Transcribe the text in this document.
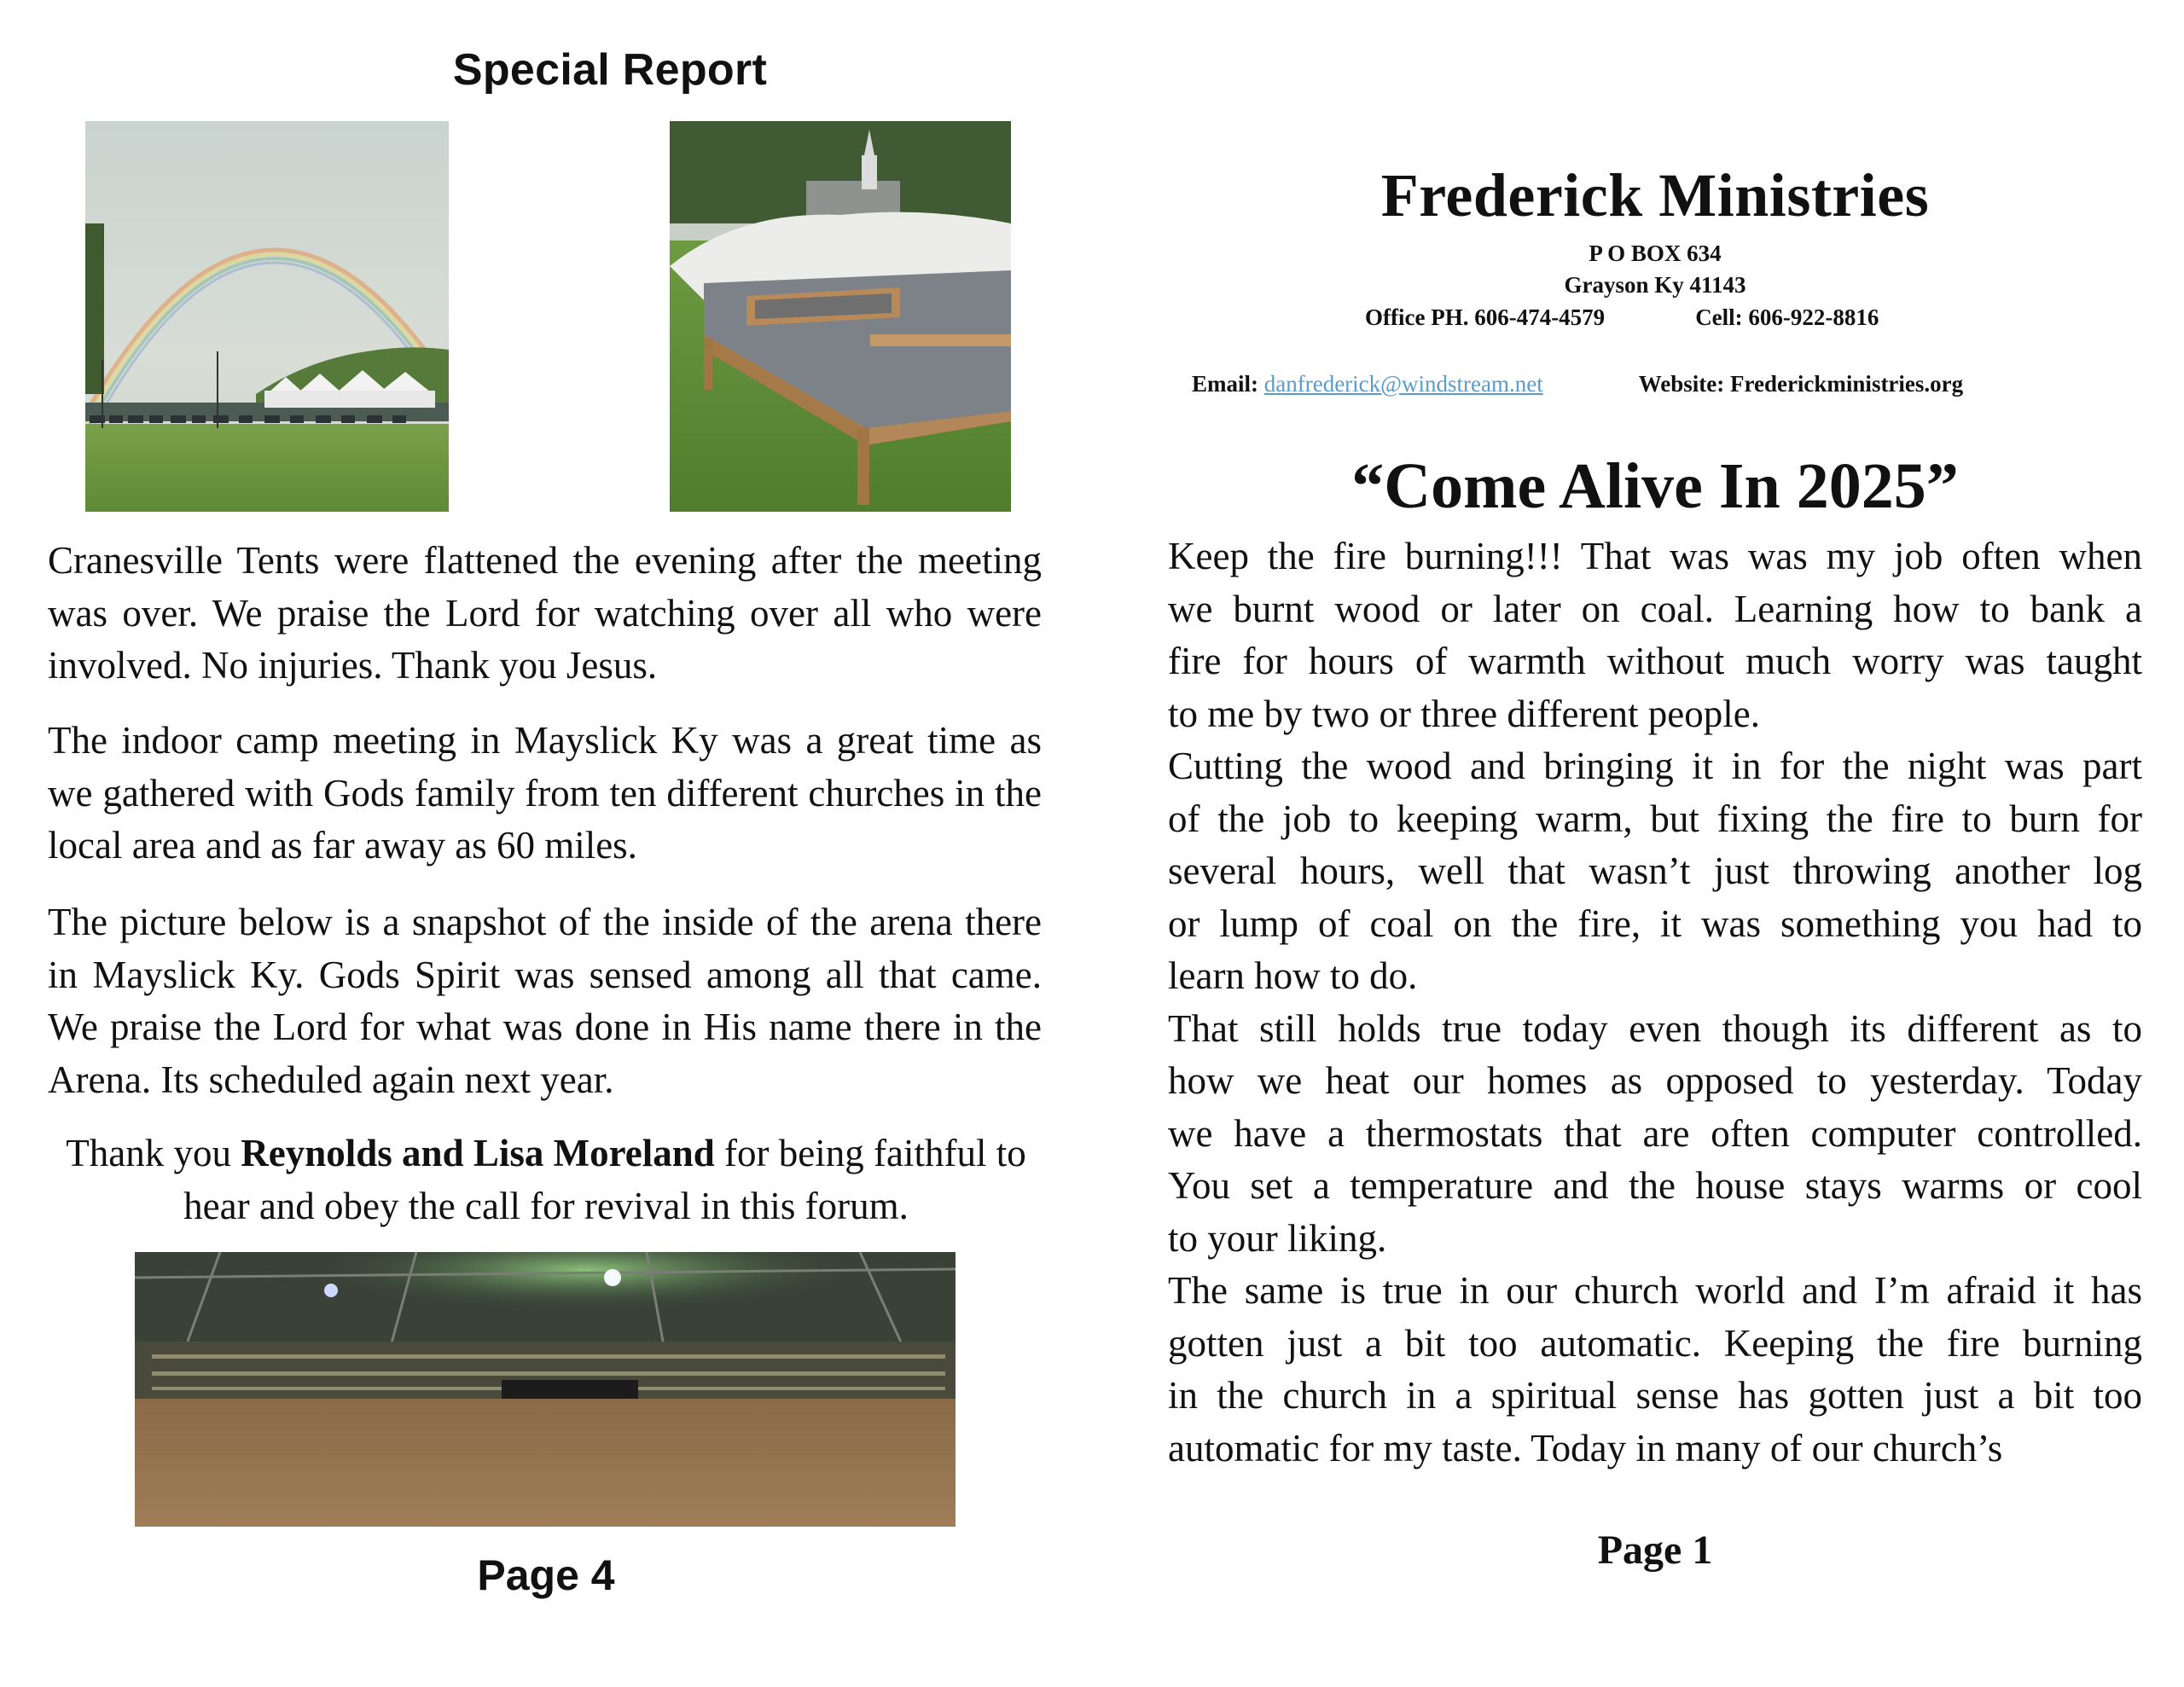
Special Report

Cranesville Tents were flattened the evening after the meeting was over. We praise the Lord for watching over all who were involved. No injuries. Thank you Jesus.

The indoor camp meeting in Mayslick Ky was a great time as we gathered with Gods family from ten different churches in the local area and as far away as 60 miles.

The picture below is a snapshot of the inside of the arena there in Mayslick Ky. Gods Spirit was sensed among all that came. We praise the Lord for what was done in His name there in the Arena. Its scheduled again next year.

Thank you Reynolds and Lisa Moreland for being faithful to hear and obey the call for revival in this forum.

Page 4
Frederick Ministries
P O BOX 634
Grayson Ky 41143
Office PH. 606-474-4579	Cell: 606-922-8816
Email: danfrederick@windstream.net	Website: Frederickministries.org
“Come Alive In 2025”

Keep the fire burning!!! That was was my job often when
we burnt wood or later on coal. Learning how to bank a
fire for hours of warmth without much worry was taught
to me by two or three different people.
Cutting the wood and bringing it in for the night was part
of the job to keeping warm, but fixing the fire to burn for
several hours, well that wasn’t just throwing another log
or lump of coal on the fire, it was something you had to
learn how to do.
That still holds true today even though its different as to
how we heat our homes as opposed to yesterday. Today
we have a thermostats that are often computer controlled.
You set a temperature and the house stays warms or cool
to your liking.
The same is true in our church world and I’m afraid it has
gotten just a bit too automatic. Keeping the fire burning
in the church in a spiritual sense has gotten just a bit too
automatic for my taste. Today in many of our church’s

Page 1
